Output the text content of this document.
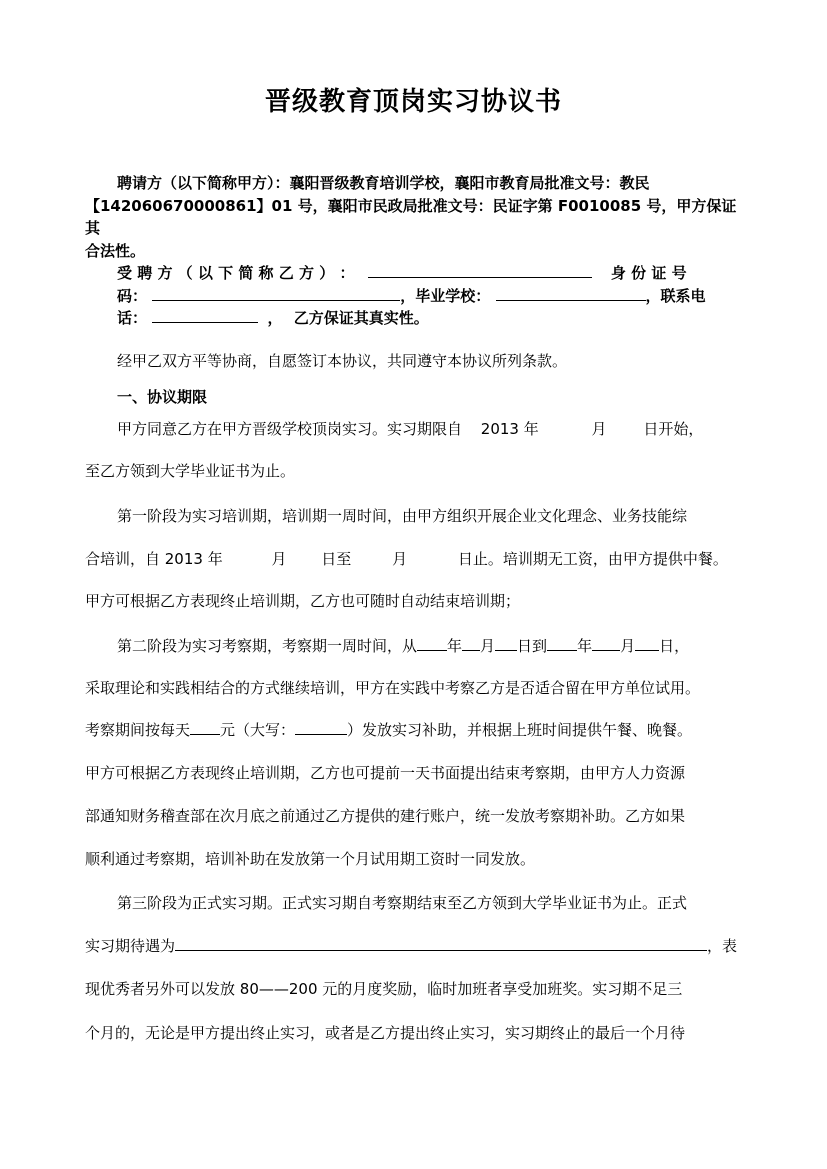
晋级教育顶岗实习协议书
聘请方（以下简称甲方）：襄阳晋级教育培训学校，襄阳市教育局批准文号：教民
【142060670000861】01 号，襄阳市民政局批准文号：民证字第 F0010085 号，甲方保证其
合法性。
受 聘 方 （ 以 下 简 称 乙 方 ） ：	身 份 证 号
码：	，毕业学校：	，联系电
话：	， 乙方保证其真实性。
经甲乙双方平等协商，自愿签订本协议，共同遵守本协议所列条款。
一、协议期限
甲方同意乙方在甲方晋级学校顶岗实习。实习期限自 2013 年	月 日开始，
至乙方领到大学毕业证书为止。
第一阶段为实习培训期，培训期一周时间，由甲方组织开展企业文化理念、业务技能综
合培训，自 2013 年	月 日至	月	日止。培训期无工资，由甲方提供中餐。
甲方可根据乙方表现终止培训期，乙方也可随时自动结束培训期；
第二阶段为实习考察期，考察期一周时间，从 年 月 日到 年 月 日，
采取理论和实践相结合的方式继续培训，甲方在实践中考察乙方是否适合留在甲方单位试用。
考察期间按每天 元（大写：	）发放实习补助，并根据上班时间提供午餐、晚餐。
甲方可根据乙方表现终止培训期，乙方也可提前一天书面提出结束考察期，由甲方人力资源
部通知财务稽查部在次月底之前通过乙方提供的建行账户，统一发放考察期补助。乙方如果
顺利通过考察期，培训补助在发放第一个月试用期工资时一同发放。
第三阶段为正式实习期。正式实习期自考察期结束至乙方领到大学毕业证书为止。正式
实习期待遇为	，表
现优秀者另外可以发放 80——200 元的月度奖励，临时加班者享受加班奖。实习期不足三
个月的，无论是甲方提出终止实习，或者是乙方提出终止实习，实习期终止的最后一个月待
